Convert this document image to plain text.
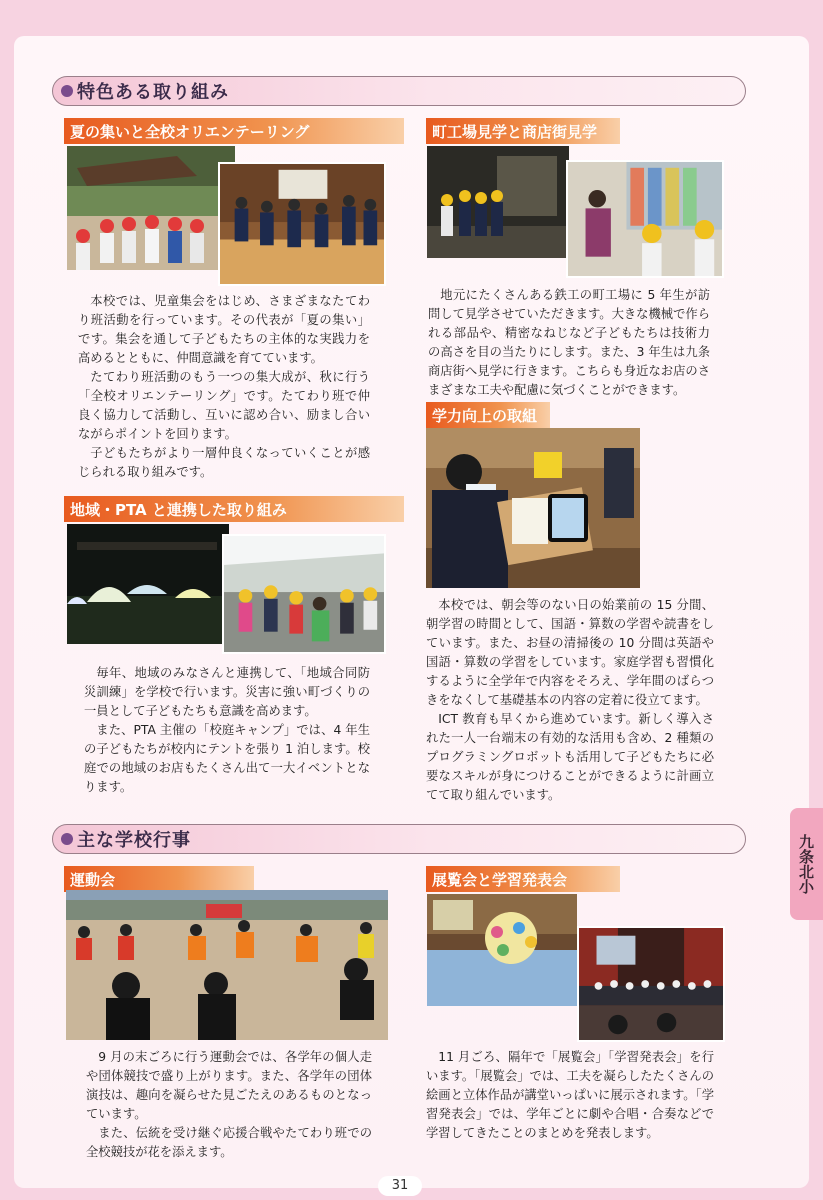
特色ある取り組み
夏の集いと全校オリエンテーリング

本校では、児童集会をはじめ、さまざまなたてわり班活動を行っています。その代表が「夏の集い」です。集会を通して子どもたちの主体的な実践力を高めるとともに、仲間意識を育てています。

たてわり班活動のもう一つの集大成が、秋に行う「全校オリエンテーリング」です。たてわり班で仲良く協力して活動し、互いに認め合い、励まし合いながらポイントを回ります。

子どもたちがより一層仲良くなっていくことが感じられる取り組みです。

地域・PTA と連携した取り組み

毎年、地域のみなさんと連携して、「地域合同防災訓練」を学校で行います。災害に強い町づくりの一員として子どもたちも意識を高めます。

また、PTA 主催の「校庭キャンプ」では、4 年生の子どもたちが校内にテントを張り 1 泊します。校庭での地域のお店もたくさん出て一大イベントとなります。

町工場見学と商店街見学

地元にたくさんある鉄工の町工場に 5 年生が訪問して見学させていただきます。大きな機械で作られる部品や、精密なねじなど子どもたちは技術力の高さを目の当たりにします。また、3 年生は九条商店街へ見学に行きます。こちらも身近なお店のさまざまな工夫や配慮に気づくことができます。

学力向上の取組

本校では、朝会等のない日の始業前の 15 分間、朝学習の時間として、国語・算数の学習や読書をしています。また、お昼の清掃後の 10 分間は英語や国語・算数の学習をしています。家庭学習も習慣化するように全学年で内容をそろえ、学年間のばらつきをなくして基礎基本の内容の定着に役立てます。

ICT 教育も早くから進めています。新しく導入された一人一台端末の有効的な活用も含め、2 種類のプログラミングロボットも活用して子どもたちに必要なスキルが身につけることができるように計画立てて取り組んでいます。

主な学校行事
運動会

9 月の末ごろに行う運動会では、各学年の個人走や団体競技で盛り上がります。また、各学年の団体演技は、趣向を凝らせた見ごたえのあるものとなっています。

また、伝統を受け継ぐ応援合戦やたてわり班での全校競技が花を添えます。

展覧会と学習発表会

11 月ごろ、隔年で「展覧会」「学習発表会」を行います。「展覧会」では、工夫を凝らしたたくさんの絵画と立体作品が講堂いっぱいに展示されます。「学習発表会」では、学年ごとに劇や合唱・合奏などで学習してきたことのまとめを発表します。

九条北小
31
